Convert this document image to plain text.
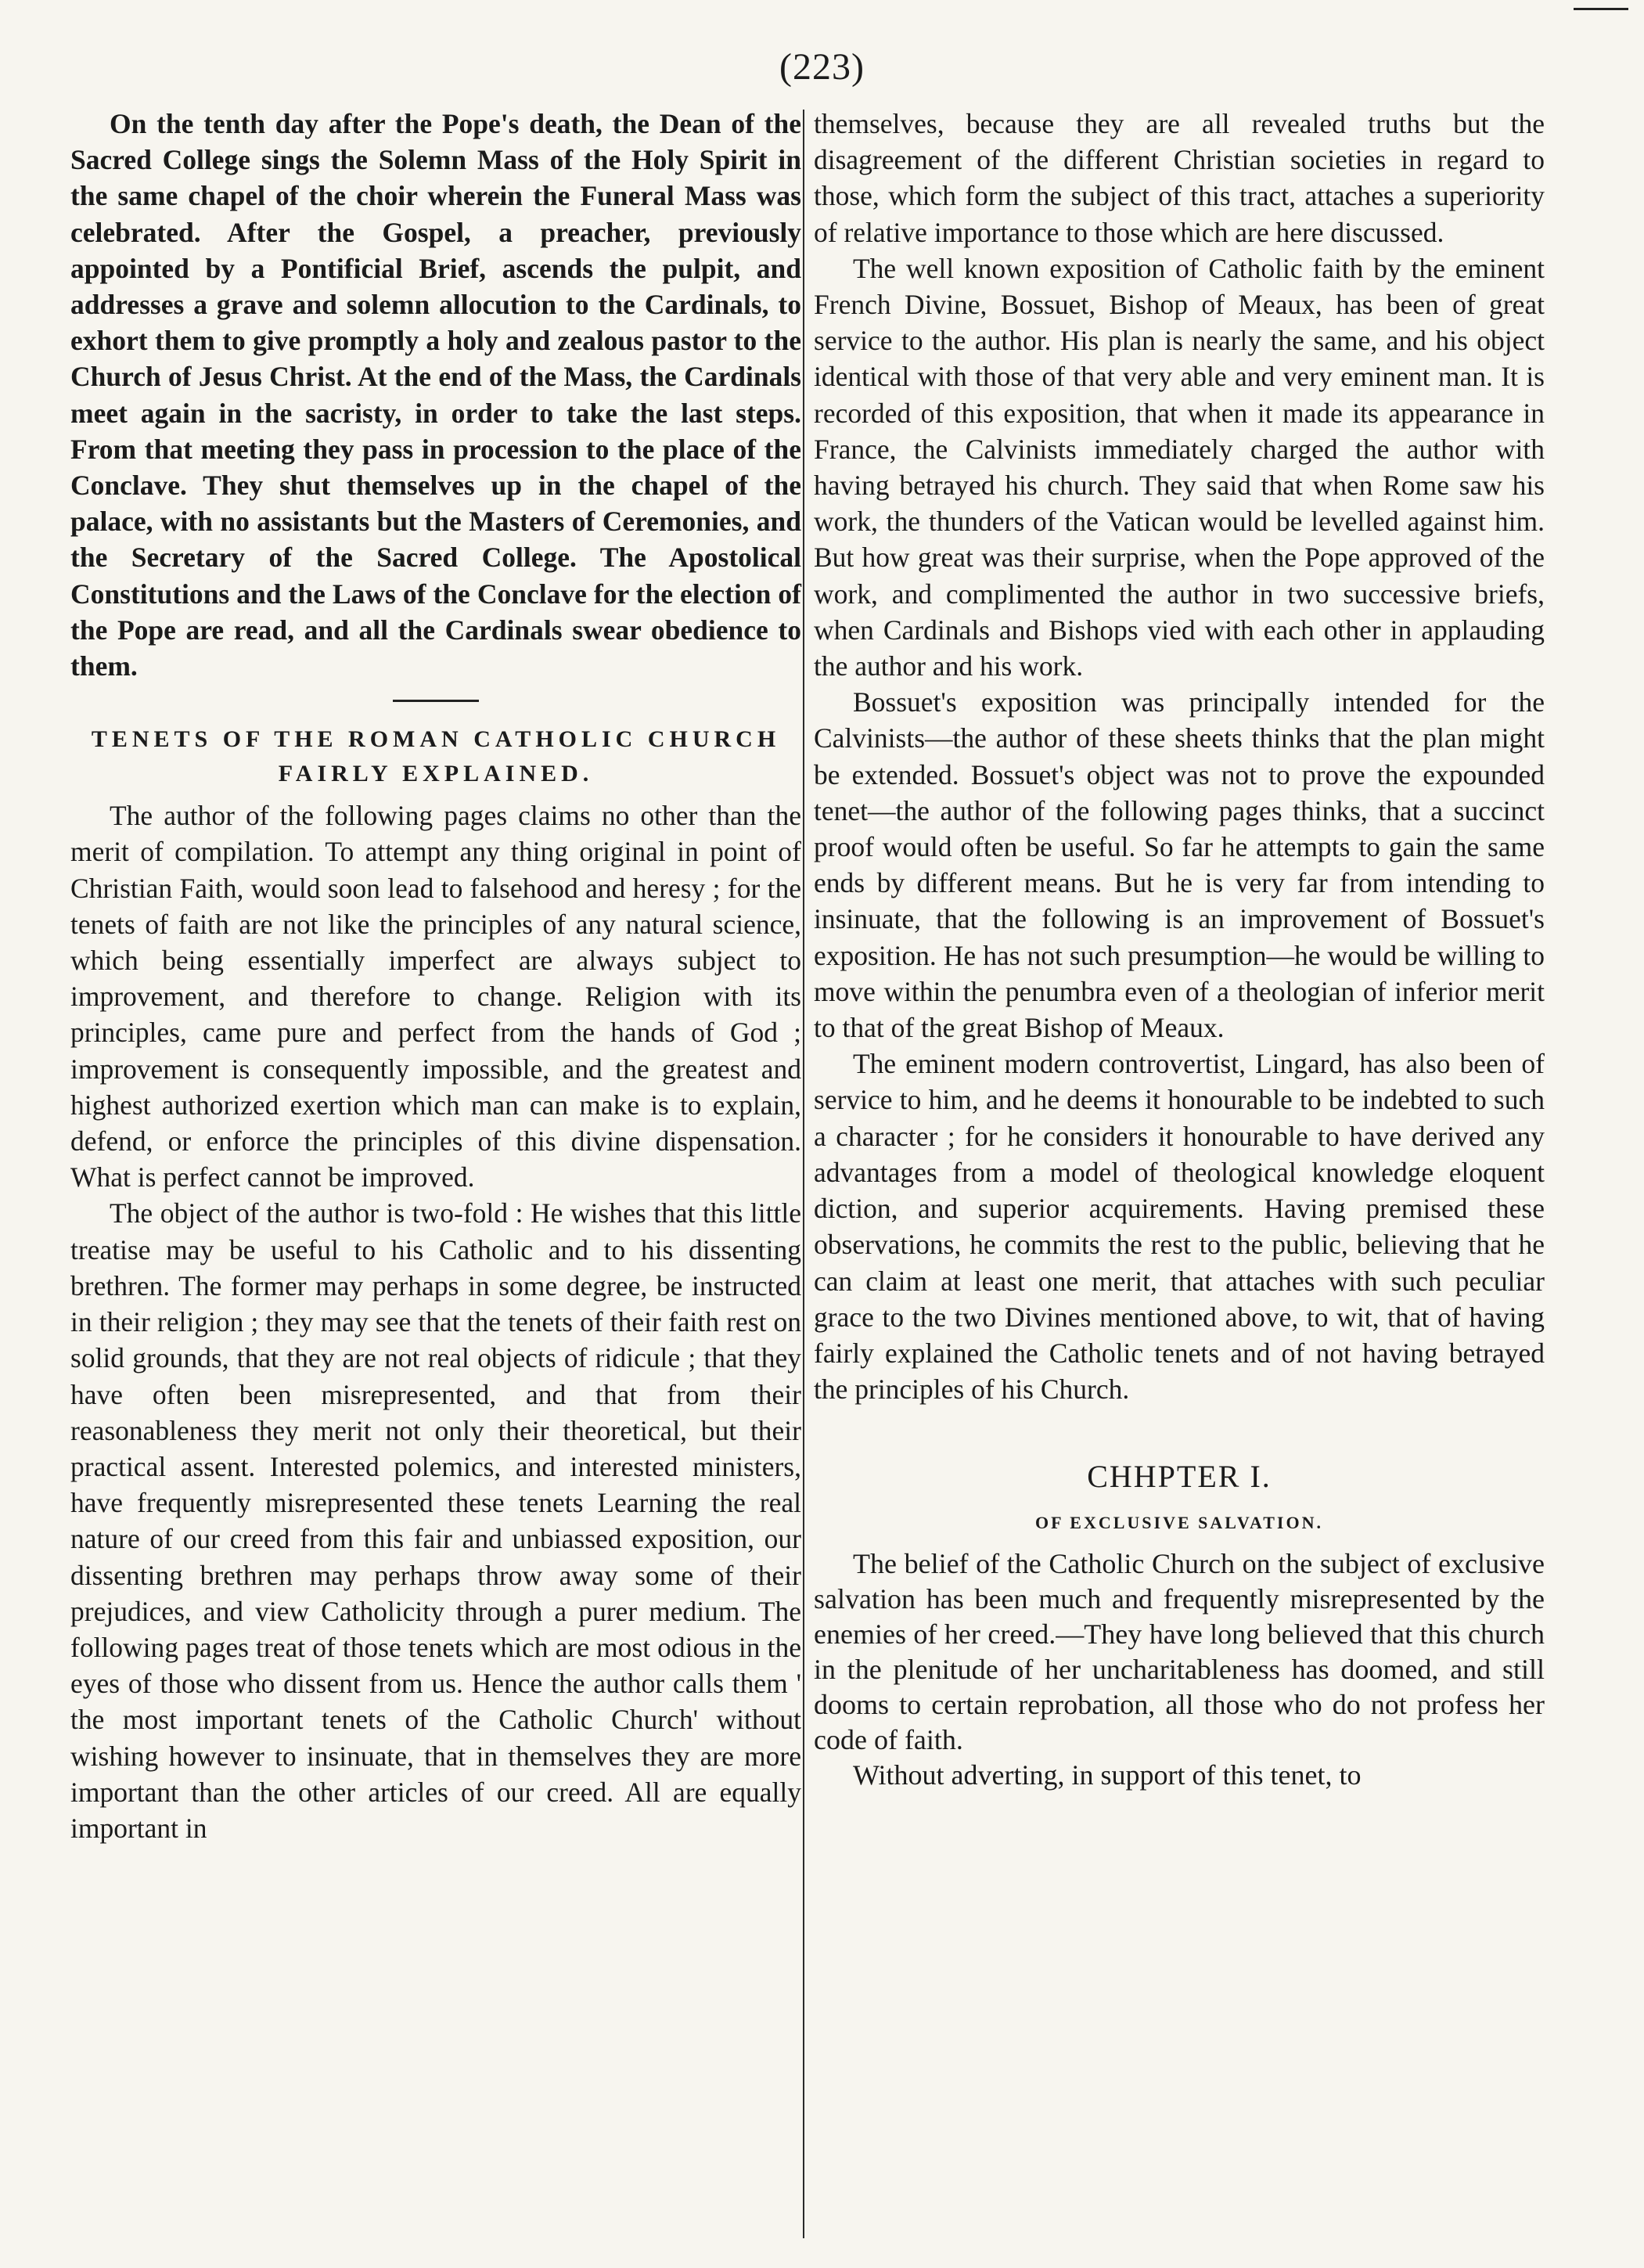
(223)

On the tenth day after the Pope's death, the Dean of the Sacred College sings the Solemn Mass of the Holy Spirit in the same chapel of the choir wherein the Funeral Mass was celebrated. After the Gospel, a preacher, previously appointed by a Pontificial Brief, ascends the pulpit, and addresses a grave and solemn allocution to the Cardinals, to exhort them to give promptly a holy and zealous pastor to the Church of Jesus Christ. At the end of the Mass, the Cardinals meet again in the sacristy, in order to take the last steps. From that meeting they pass in procession to the place of the Conclave. They shut themselves up in the chapel of the palace, with no assistants but the Masters of Ceremonies, and the Secretary of the Sacred College. The Apostolical Constitutions and the Laws of the Conclave for the election of the Pope are read, and all the Cardinals swear obedience to them.

TENETS OF THE ROMAN CATHOLIC CHURCH
FAIRLY EXPLAINED.

The author of the following pages claims no other than the merit of compilation. To attempt any thing original in point of Christian Faith, would soon lead to falsehood and heresy ; for the tenets of faith are not like the principles of any natural science, which being essentially imperfect are always subject to improvement, and therefore to change. Religion with its principles, came pure and perfect from the hands of God ; improvement is consequently impossible, and the greatest and highest authorized exertion which man can make is to explain, defend, or enforce the principles of this divine dispensation. What is perfect cannot be improved.

The object of the author is two-fold : He wishes that this little treatise may be useful to his Catholic and to his dissenting brethren. The former may perhaps in some degree, be instructed in their religion ; they may see that the tenets of their faith rest on solid grounds, that they are not real objects of ridicule ; that they have often been misrepresented, and that from their reasonableness they merit not only their theoretical, but their practical assent. Interested polemics, and interested ministers, have frequently misrepresented these tenets Learning the real nature of our creed from this fair and unbiassed exposition, our dissenting brethren may perhaps throw away some of their prejudices, and view Catholicity through a purer medium. The following pages treat of those tenets which are most odious in the eyes of those who dissent from us. Hence the author calls them ' the most important tenets of the Catholic Church' without wishing however to insinuate, that in themselves they are more important than the other articles of our creed. All are equally important in

themselves, because they are all revealed truths but the disagreement of the different Christian societies in regard to those, which form the subject of this tract, attaches a superiority of relative importance to those which are here discussed.

The well known exposition of Catholic faith by the eminent French Divine, Bossuet, Bishop of Meaux, has been of great service to the author. His plan is nearly the same, and his object identical with those of that very able and very eminent man. It is recorded of this exposition, that when it made its appearance in France, the Calvinists immediately charged the author with having betrayed his church. They said that when Rome saw his work, the thunders of the Vatican would be levelled against him. But how great was their surprise, when the Pope approved of the work, and complimented the author in two successive briefs, when Cardinals and Bishops vied with each other in applauding the author and his work.

Bossuet's exposition was principally intended for the Calvinists—the author of these sheets thinks that the plan might be extended. Bossuet's object was not to prove the expounded tenet—the author of the following pages thinks, that a succinct proof would often be useful. So far he attempts to gain the same ends by different means. But he is very far from intending to insinuate, that the following is an improvement of Bossuet's exposition. He has not such presumption—he would be willing to move within the penumbra even of a theologian of inferior merit to that of the great Bishop of Meaux.

The eminent modern controvertist, Lingard, has also been of service to him, and he deems it honourable to be indebted to such a character ; for he considers it honourable to have derived any advantages from a model of theological knowledge eloquent diction, and superior acquirements. Having premised these observations, he commits the rest to the public, believing that he can claim at least one merit, that attaches with such peculiar grace to the two Divines mentioned above, to wit, that of having fairly explained the Catholic tenets and of not having betrayed the principles of his Church.

CHHPTER I.
OF EXCLUSIVE SALVATION.

The belief of the Catholic Church on the subject of exclusive salvation has been much and frequently misrepresented by the enemies of her creed.—They have long believed that this church in the plenitude of her uncharitableness has doomed, and still dooms to certain reprobation, all those who do not profess her code of faith.

Without adverting, in support of this tenet, to
